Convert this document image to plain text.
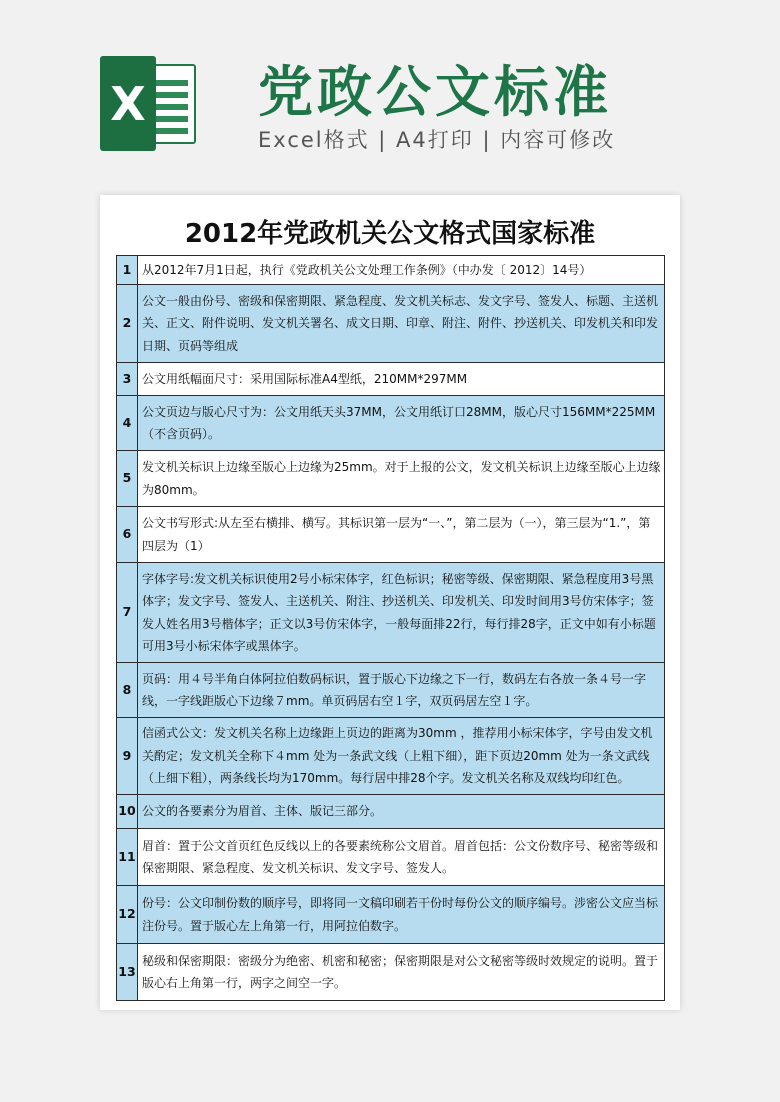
X 党政公文标准
Excel格式 | A4打印 | 内容可修改
2012年党政机关公文格式国家标准
1	从2012年7月1日起，执行《党政机关公文处理工作条例》（中办发〔 2012〕14号）
2	公文一般由份号、密级和保密期限、紧急程度、发文机关标志、发文字号、签发人、标题、主送机关、正文、附件说明、发文机关署名、成文日期、印章、附注、附件、抄送机关、印发机关和印发日期、页码等组成
3	公文用纸幅面尺寸：采用国际标准A4型纸，210MM*297MM
4	公文页边与版心尺寸为：公文用纸天头37MM，公文用纸订口28MM，版心尺寸156MM*225MM（不含页码）。
5	发文机关标识上边缘至版心上边缘为25mm。对于上报的公文，发文机关标识上边缘至版心上边缘为80mm。
6	公文书写形式:从左至右横排、横写。其标识第一层为“一、”，第二层为（一），第三层为“1.”，第四层为（1）
7	字体字号:发文机关标识使用2号小标宋体字，红色标识；秘密等级、保密期限、紧急程度用3号黑体字；发文字号、签发人、主送机关、附注、抄送机关、印发机关、印发时间用3号仿宋体字；签发人姓名用3号楷体字；正文以3号仿宋体字，一般每面排22行，每行排28字，正文中如有小标题可用3号小标宋体字或黑体字。
8	页码：用４号半角白体阿拉伯数码标识，置于版心下边缘之下一行，数码左右各放一条４号一字线，一字线距版心下边缘７mm。单页码居右空１字，双页码居左空１字。
9	信函式公文：发文机关名称上边缘距上页边的距离为30mm ，推荐用小标宋体字，字号由发文机关酌定；发文机关全称下４mm 处为一条武文线（上粗下细），距下页边20mm 处为一条文武线（上细下粗），两条线长均为170mm。每行居中排28个字。发文机关名称及双线均印红色。
10	公文的各要素分为眉首、主体、版记三部分。
11	眉首：置于公文首页红色反线以上的各要素统称公文眉首。眉首包括：公文份数序号、秘密等级和保密期限、紧急程度、发文机关标识、发文字号、签发人。
12	份号：公文印制份数的顺序号，即将同一文稿印刷若干份时每份公文的顺序编号。涉密公文应当标注份号。置于版心左上角第一行，用阿拉伯数字。
13	秘级和保密期限：密级分为绝密、机密和秘密；保密期限是对公文秘密等级时效规定的说明。置于版心右上角第一行，两字之间空一字。
